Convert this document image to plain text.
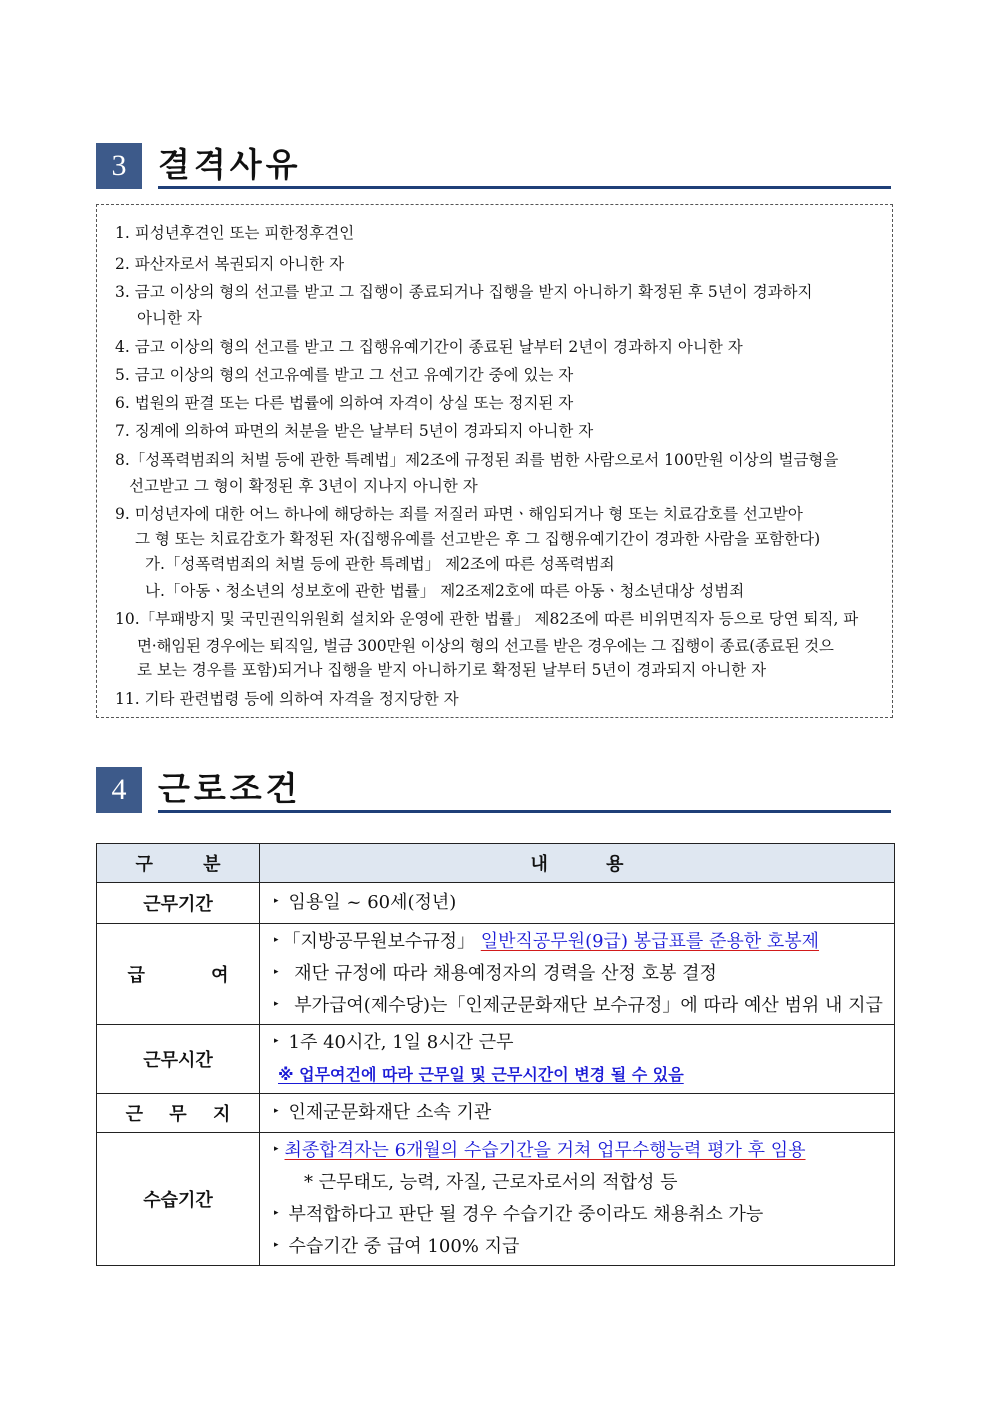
3 결격사유
1. 피성년후견인 또는 피한정후견인
2. 파산자로서 복권되지 아니한 자
3. 금고 이상의 형의 선고를 받고 그 집행이 종료되거나 집행을 받지 아니하기 확정된 후 5년이 경과하지
아니한 자
4. 금고 이상의 형의 선고를 받고 그 집행유예기간이 종료된 날부터 2년이 경과하지 아니한 자
5. 금고 이상의 형의 선고유예를 받고 그 선고 유예기간 중에 있는 자
6. 법원의 판결 또는 다른 법률에 의하여 자격이 상실 또는 정지된 자
7. 징계에 의하여 파면의 처분을 받은 날부터 5년이 경과되지 아니한 자
8.「성폭력범죄의 처벌 등에 관한 특례법」제2조에 규정된 죄를 범한 사람으로서 100만원 이상의 벌금형을
선고받고 그 형이 확정된 후 3년이 지나지 아니한 자
9. 미성년자에 대한 어느 하나에 해당하는 죄를 저질러 파면ㆍ해임되거나 형 또는 치료감호를 선고받아
그 형 또는 치료감호가 확정된 자(집행유예를 선고받은 후 그 집행유예기간이 경과한 사람을 포함한다)
가.「성폭력범죄의 처벌 등에 관한 특례법」 제2조에 따른 성폭력범죄
나.「아동ㆍ청소년의 성보호에 관한 법률」 제2조제2호에 따른 아동ㆍ청소년대상 성범죄
10.「부패방지 및 국민권익위원회 설치와 운영에 관한 법률」 제82조에 따른 비위면직자 등으로 당연 퇴직, 파
면·해임된 경우에는 퇴직일, 벌금 300만원 이상의 형의 선고를 받은 경우에는 그 집행이 종료(종료된 것으
로 보는 경우를 포함)되거나 집행을 받지 아니하기로 확정된 날부터 5년이 경과되지 아니한 자
11. 기타 관련법령 등에 의하여 자격을 정지당한 자
4 근로조건
구 분	내 용
근무기간	▸ 임용일 ~ 60세(정년)

급 여	▸ 「지방공무원보수규정」 일반직공무원(9급) 봉급표를 준용한 호봉제
▸ 재단 규정에 따라 채용예정자의 경력을 산정 호봉 결정
▸ 부가급여(제수당)는「인제군문화재단 보수규정」에 따라 예산 범위 내 지급

근무시간	▸ 1주 40시간, 1일 8시간 근무
※ 업무여건에 따라 근무일 및 근무시간이 변경 될 수 있음

근 무 지	▸ 인제군문화재단 소속 기관

수습기간	▸ 최종합격자는 6개월의 수습기간을 거쳐 업무수행능력 평가 후 임용
* 근무태도, 능력, 자질, 근로자로서의 적합성 등
▸ 부적합하다고 판단 될 경우 수습기간 중이라도 채용취소 가능
▸ 수습기간 중 급여 100% 지급
